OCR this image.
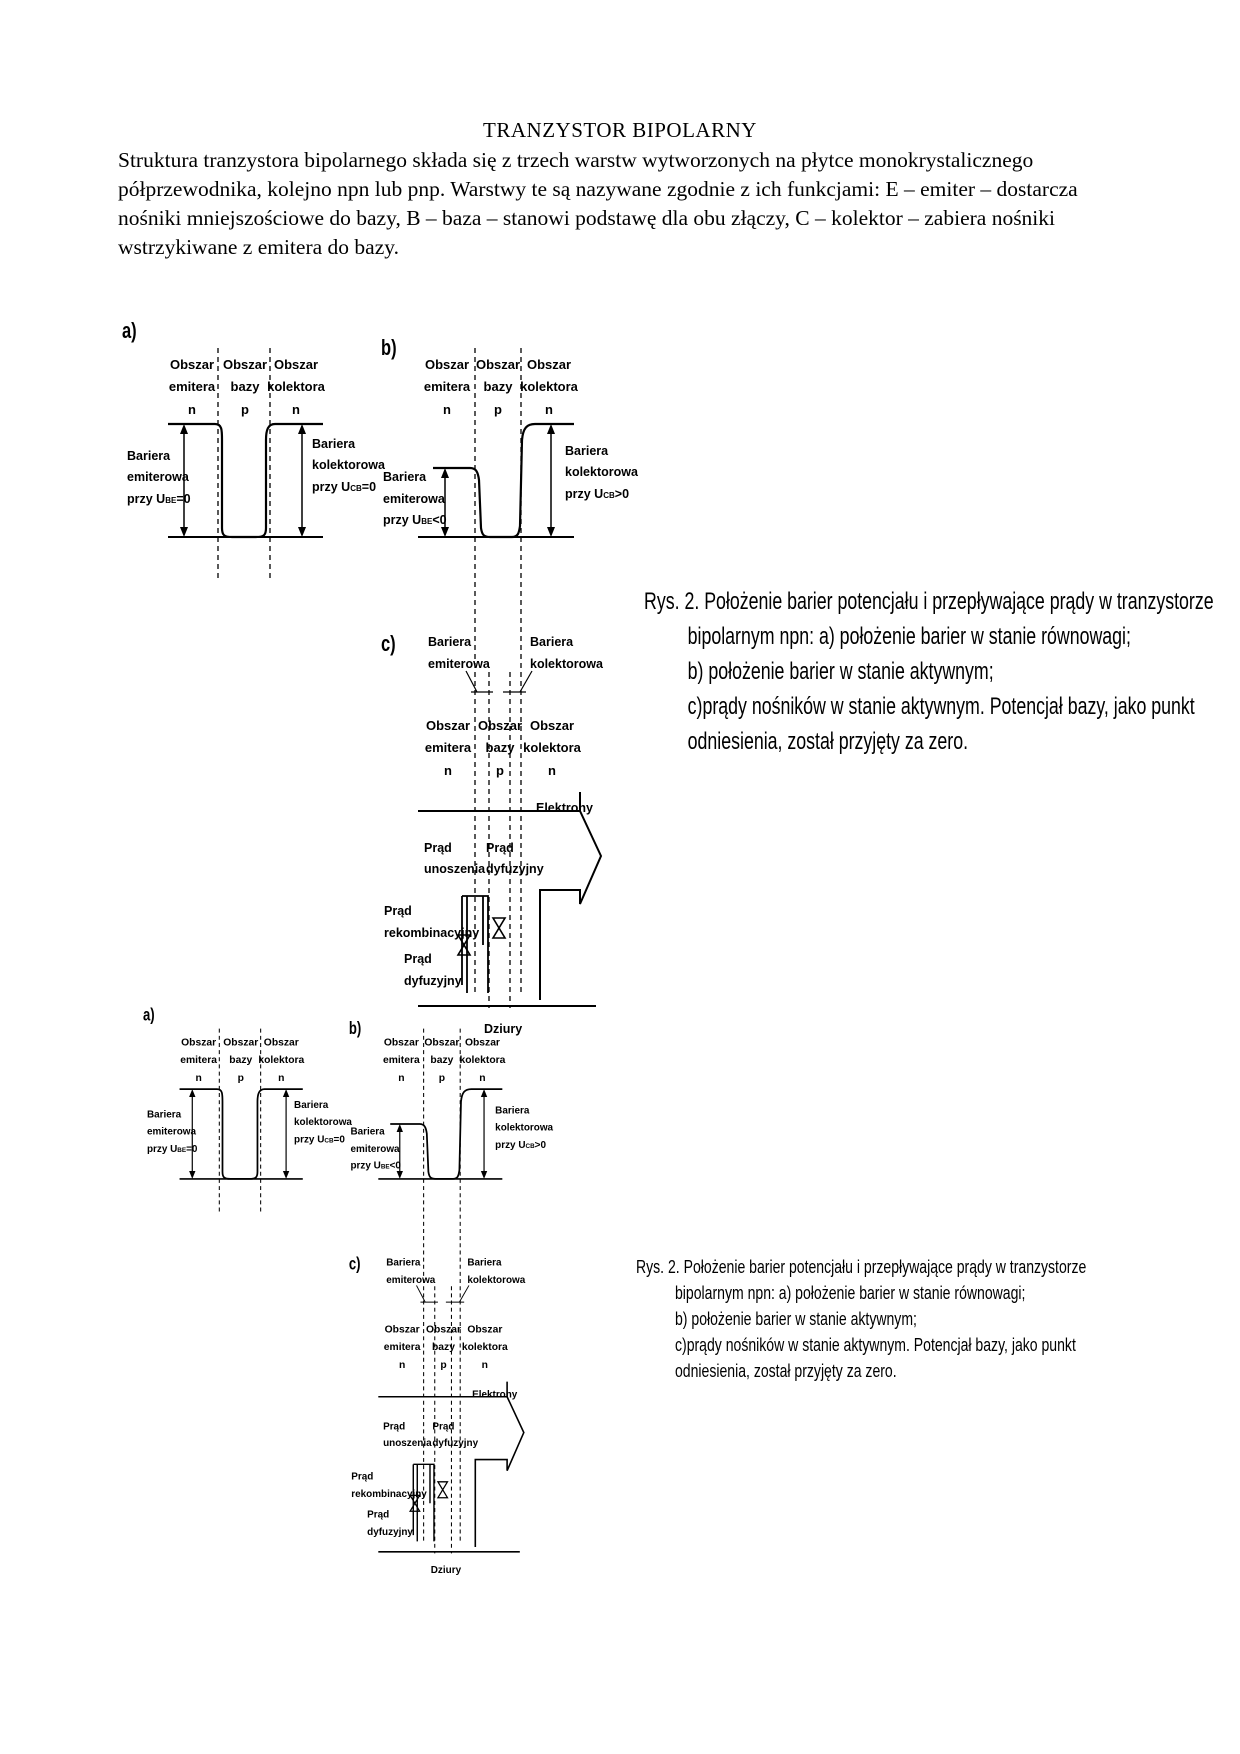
TRANZYSTOR BIPOLARNY
Struktura tranzystora bipolarnego składa się z trzech warstw wytworzonych na płytce monokrystalicznego półprzewodnika, kolejno npn lub pnp. Warstwy te są nazywane zgodnie z ich funkcjami: E – emiter – dostarcza nośniki mniejszościowe do bazy, B – baza – stanowi podstawę dla obu złączy, C – kolektor – zabiera nośniki wstrzykiwane z emitera do bazy.
Rys. 2. Położenie barier potencjału i przepływające prądy w tranzystorze
bipolarnym npn: a) położenie barier w stanie równowagi;
b) położenie barier w stanie aktywnym;
c)prądy nośników w stanie aktywnym. Potencjał bazy, jako punkt
odniesienia, został przyjęty za zero.
Rys. 2. Położenie barier potencjału i przepływające prądy w tranzystorze
bipolarnym npn: a) położenie barier w stanie równowagi;
b) położenie barier w stanie aktywnym;
c)prądy nośników w stanie aktywnym. Potencjał bazy, jako punkt
odniesienia, został przyjęty za zero.
